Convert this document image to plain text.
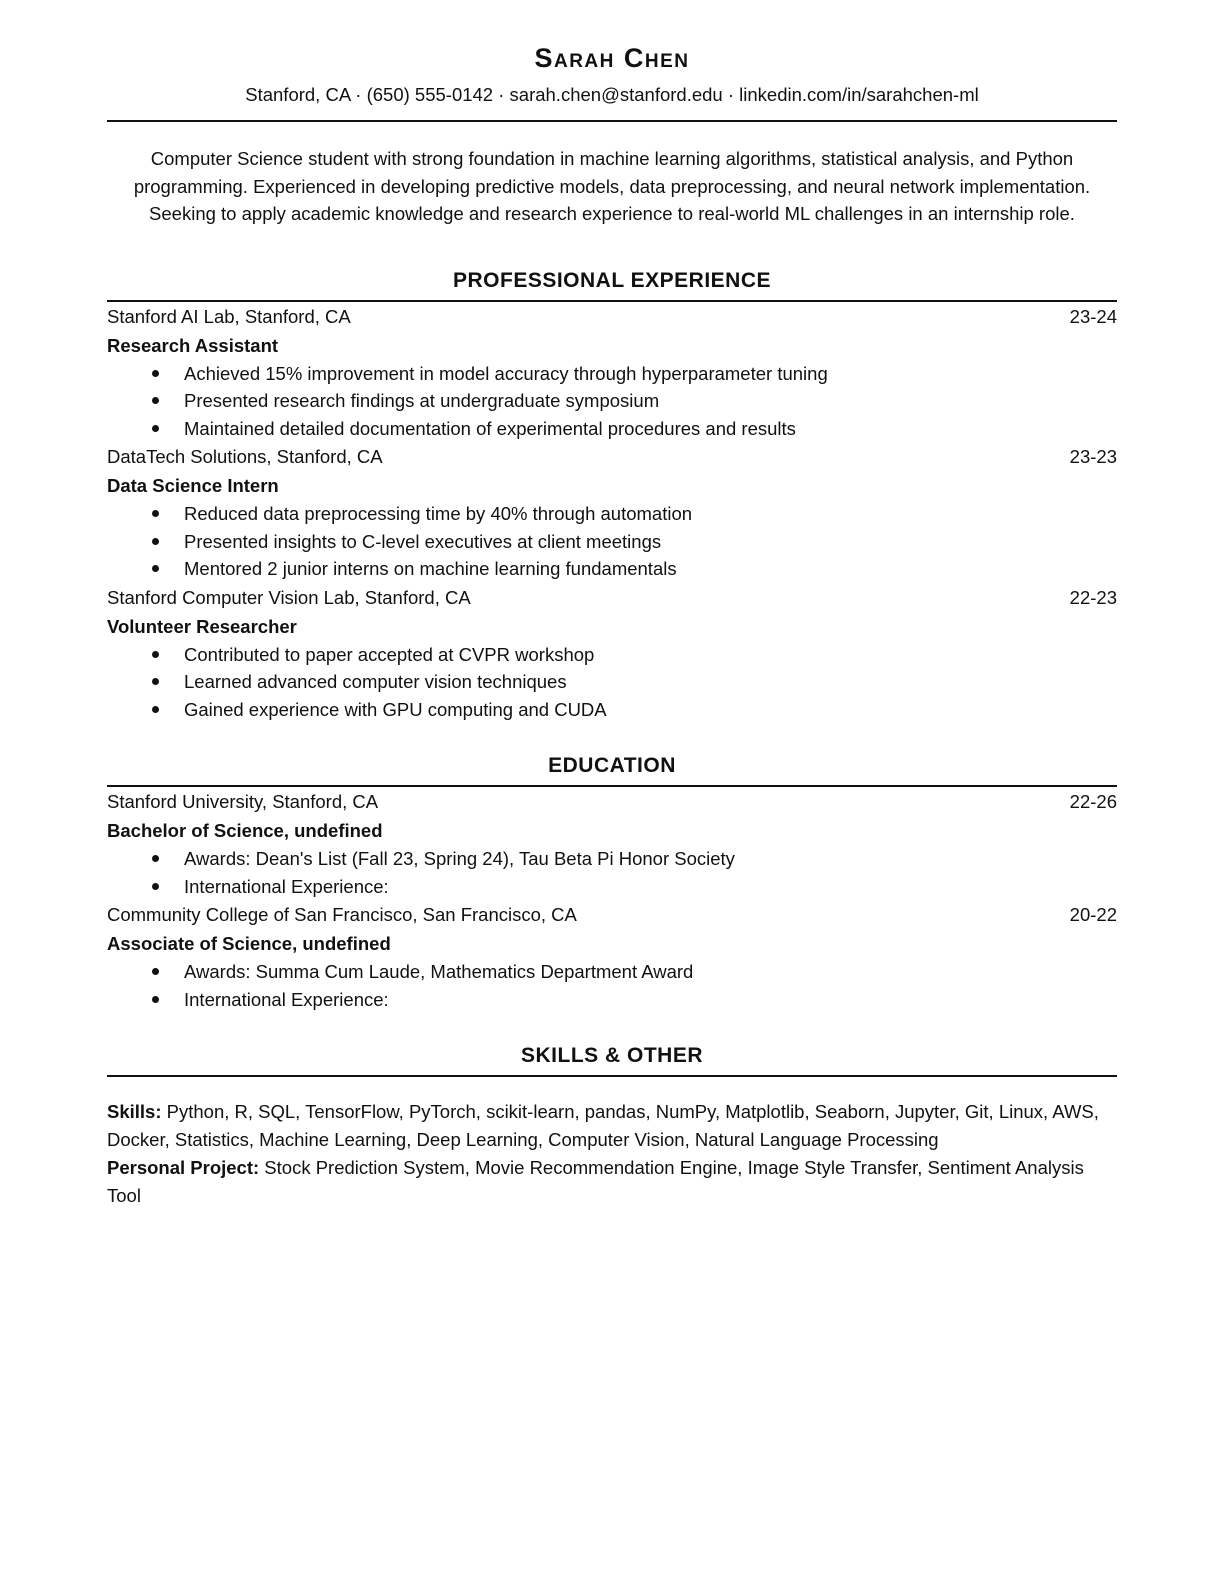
Sarah Chen
Stanford, CA · (650) 555-0142 · sarah.chen@stanford.edu · linkedin.com/in/sarahchen-ml

Computer Science student with strong foundation in machine learning algorithms, statistical analysis, and Python programming. Experienced in developing predictive models, data preprocessing, and neural network implementation. Seeking to apply academic knowledge and research experience to real-world ML challenges in an internship role.

PROFESSIONAL EXPERIENCE
Stanford AI Lab, Stanford, CA	23-24
Research Assistant
Achieved 15% improvement in model accuracy through hyperparameter tuning
Presented research findings at undergraduate symposium
Maintained detailed documentation of experimental procedures and results
DataTech Solutions, Stanford, CA	23-23
Data Science Intern
Reduced data preprocessing time by 40% through automation
Presented insights to C-level executives at client meetings
Mentored 2 junior interns on machine learning fundamentals
Stanford Computer Vision Lab, Stanford, CA	22-23
Volunteer Researcher
Contributed to paper accepted at CVPR workshop
Learned advanced computer vision techniques
Gained experience with GPU computing and CUDA
EDUCATION
Stanford University, Stanford, CA	22-26
Bachelor of Science, undefined
Awards: Dean's List (Fall 23, Spring 24), Tau Beta Pi Honor Society
International Experience:
Community College of San Francisco, San Francisco, CA	20-22
Associate of Science, undefined
Awards: Summa Cum Laude, Mathematics Department Award
International Experience:
SKILLS & OTHER

Skills: Python, R, SQL, TensorFlow, PyTorch, scikit-learn, pandas, NumPy, Matplotlib, Seaborn, Jupyter, Git, Linux, AWS, Docker, Statistics, Machine Learning, Deep Learning, Computer Vision, Natural Language Processing

Personal Project: Stock Prediction System, Movie Recommendation Engine, Image Style Transfer, Sentiment Analysis Tool
